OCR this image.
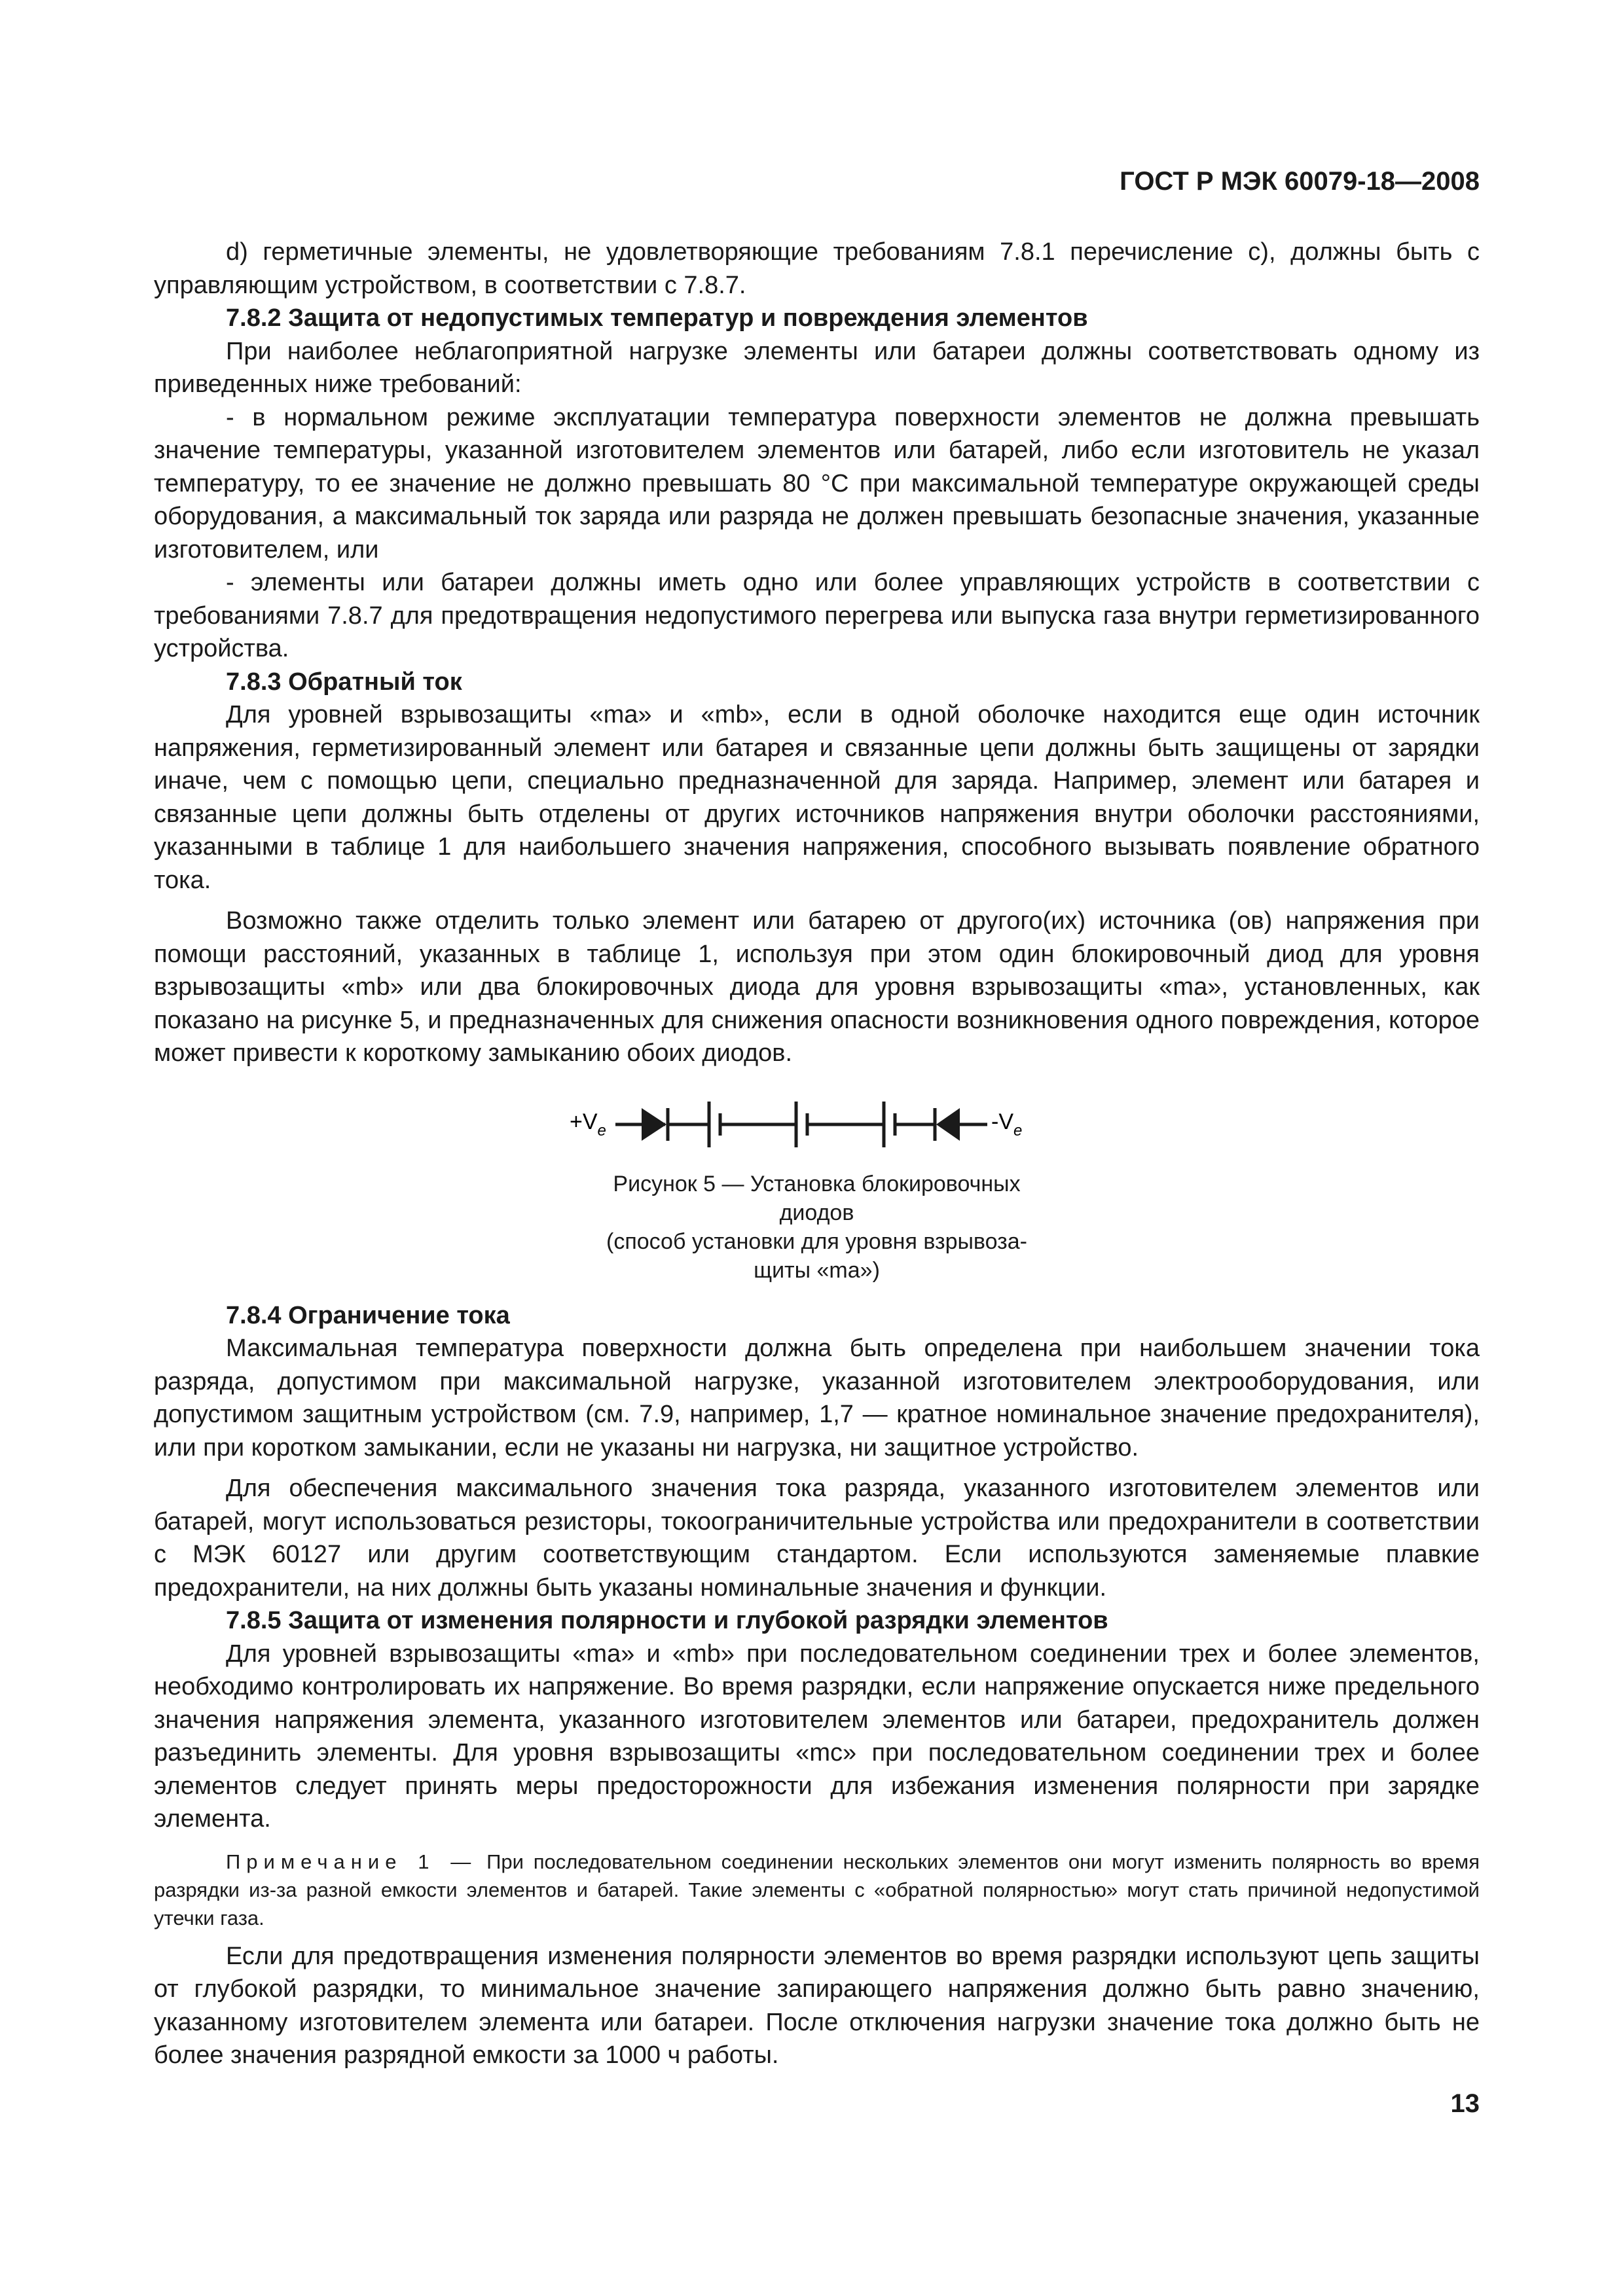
ГОСТ Р МЭК 60079-18—2008

d) герметичные элементы, не удовлетворяющие требованиям 7.8.1 перечисление с), должны быть с управляющим устройством, в соответствии с 7.8.7.

7.8.2 Защита от недопустимых температур и повреждения элементов

При наиболее неблагоприятной нагрузке элементы или батареи должны соответствовать одному из приведенных ниже требований:

- в нормальном режиме эксплуатации температура поверхности элементов не должна превышать значение температуры, указанной изготовителем элементов или батарей, либо если изготовитель не указал температуру, то ее значение не должно превышать 80 °С при максимальной температуре окружающей среды оборудования, а максимальный ток заряда или разряда не должен превышать безопасные значения, указанные изготовителем, или

- элементы или батареи должны иметь одно или более управляющих устройств в соответствии с требованиями 7.8.7 для предотвращения недопустимого перегрева или выпуска газа внутри герметизированного устройства.

7.8.3 Обратный ток

Для уровней взрывозащиты «ma» и «mb», если в одной оболочке находится еще один источник напряжения, герметизированный элемент или батарея и связанные цепи должны быть защищены от зарядки иначе, чем с помощью цепи, специально предназначенной для заряда. Например, элемент или батарея и связанные цепи должны быть отделены от других источников напряжения внутри оболочки расстояниями, указанными в таблице 1 для наибольшего значения напряжения, способного вызывать появление обратного тока.

Возможно также отделить только элемент или батарею от другого(их) источника (ов) напряжения при помощи расстояний, указанных в таблице 1, используя при этом один блокировочный диод для уровня взрывозащиты «mb» или два блокировочных диода для уровня взрывозащиты «ma», установленных, как показано на рисунке 5, и предназначенных для снижения опасности возникновения одного повреждения, которое может привести к короткому замыканию обоих диодов.

$+V_e$	$-V_e$
Рисунок 5 — Установка блокировочных
диодов
(способ установки для уровня взрывоза-
щиты «ma»)

7.8.4 Ограничение тока

Максимальная температура поверхности должна быть определена при наибольшем значении тока разряда, допустимом при максимальной нагрузке, указанной изготовителем электрооборудования, или допустимом защитным устройством (см. 7.9, например, 1,7 — кратное номинальное значение предохранителя), или при коротком замыкании, если не указаны ни нагрузка, ни защитное устройство.

Для обеспечения максимального значения тока разряда, указанного изготовителем элементов или батарей, могут использоваться резисторы, токоограничительные устройства или предохранители в соответствии с МЭК 60127 или другим соответствующим стандартом. Если используются заменяемые плавкие предохранители, на них должны быть указаны номинальные значения и функции.

7.8.5 Защита от изменения полярности и глубокой разрядки элементов

Для уровней взрывозащиты «ma» и «mb» при последовательном соединении трех и более элементов, необходимо контролировать их напряжение. Во время разрядки, если напряжение опускается ниже предельного значения напряжения элемента, указанного изготовителем элементов или батареи, предохранитель должен разъединить элементы. Для уровня взрывозащиты «mc» при последовательном соединении трех и более элементов следует принять меры предосторожности для избежания изменения полярности при зарядке элемента.

Примечание 1 — При последовательном соединении нескольких элементов они могут изменить полярность во время разрядки из-за разной емкости элементов и батарей. Такие элементы с «обратной полярностью» могут стать причиной недопустимой утечки газа.

Если для предотвращения изменения полярности элементов во время разрядки используют цепь защиты от глубокой разрядки, то минимальное значение запирающего напряжения должно быть равно значению, указанному изготовителем элемента или батареи. После отключения нагрузки значение тока должно быть не более значения разрядной емкости за 1000 ч работы.

13
